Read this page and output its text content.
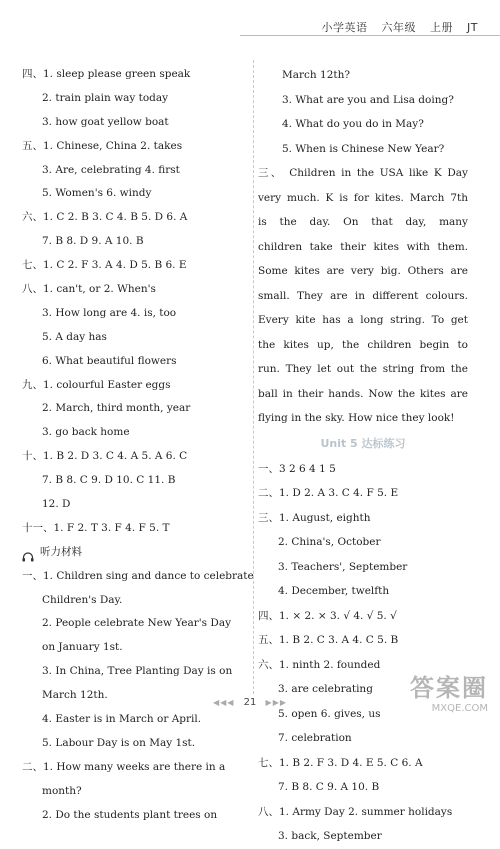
小学英语 六年级 上册 JT
四、1. sleep please green speak
2. train plain way today
3. how goat yellow boat
五、1. Chinese, China 2. takes
3. Are, celebrating 4. first
5. Women's 6. windy
六、1. C 2. B 3. C 4. B 5. D 6. A
7. B 8. D 9. A 10. B
七、1. C 2. F 3. A 4. D 5. B 6. E
八、1. can't, or 2. When's
3. How long are 4. is, too
5. A day has
6. What beautiful flowers
九、1. colourful Easter eggs
2. March, third month, year
3. go back home
十、1. B 2. D 3. C 4. A 5. A 6. C
7. B 8. C 9. D 10. C 11. B
12. D
十一、1. F 2. T 3. F 4. F 5. T
听力材料
一、1. Children sing and dance to celebrate
Children's Day.
2. People celebrate New Year's Day
on January 1st.
3. In China, Tree Planting Day is on
March 12th.
4. Easter is in March or April.
5. Labour Day is on May 1st.
二、1. How many weeks are there in a
month?
2. Do the students plant trees on
March 12th?
3. What are you and Lisa doing?
4. What do you do in May?
5. When is Chinese New Year?
三、 Children in the USA like K Day
very much. K is for kites. March 7th
is the day. On that day, many
children take their kites with them.
Some kites are very big. Others are
small. They are in different colours.
Every kite has a long string. To get
the kites up, the children begin to
run. They let out the string from the
ball in their hands. Now the kites are
flying in the sky. How nice they look!
Unit 5 达标练习
一、3 2 6 4 1 5
二、1. D 2. A 3. C 4. F 5. E
三、1. August, eighth
2. China's, October
3. Teachers', September
4. December, twelfth
四、1. × 2. × 3. √ 4. √ 5. √
五、1. B 2. C 3. A 4. C 5. B
六、1. ninth 2. founded
3. are celebrating
5. open 6. gives, us
7. celebration
七、1. B 2. F 3. D 4. E 5. C 6. A
7. B 8. C 9. A 10. B
八、1. Army Day 2. summer holidays
3. back, September
◀◀◀ 21 ▶▶▶
答案圈
MXQE.COM
